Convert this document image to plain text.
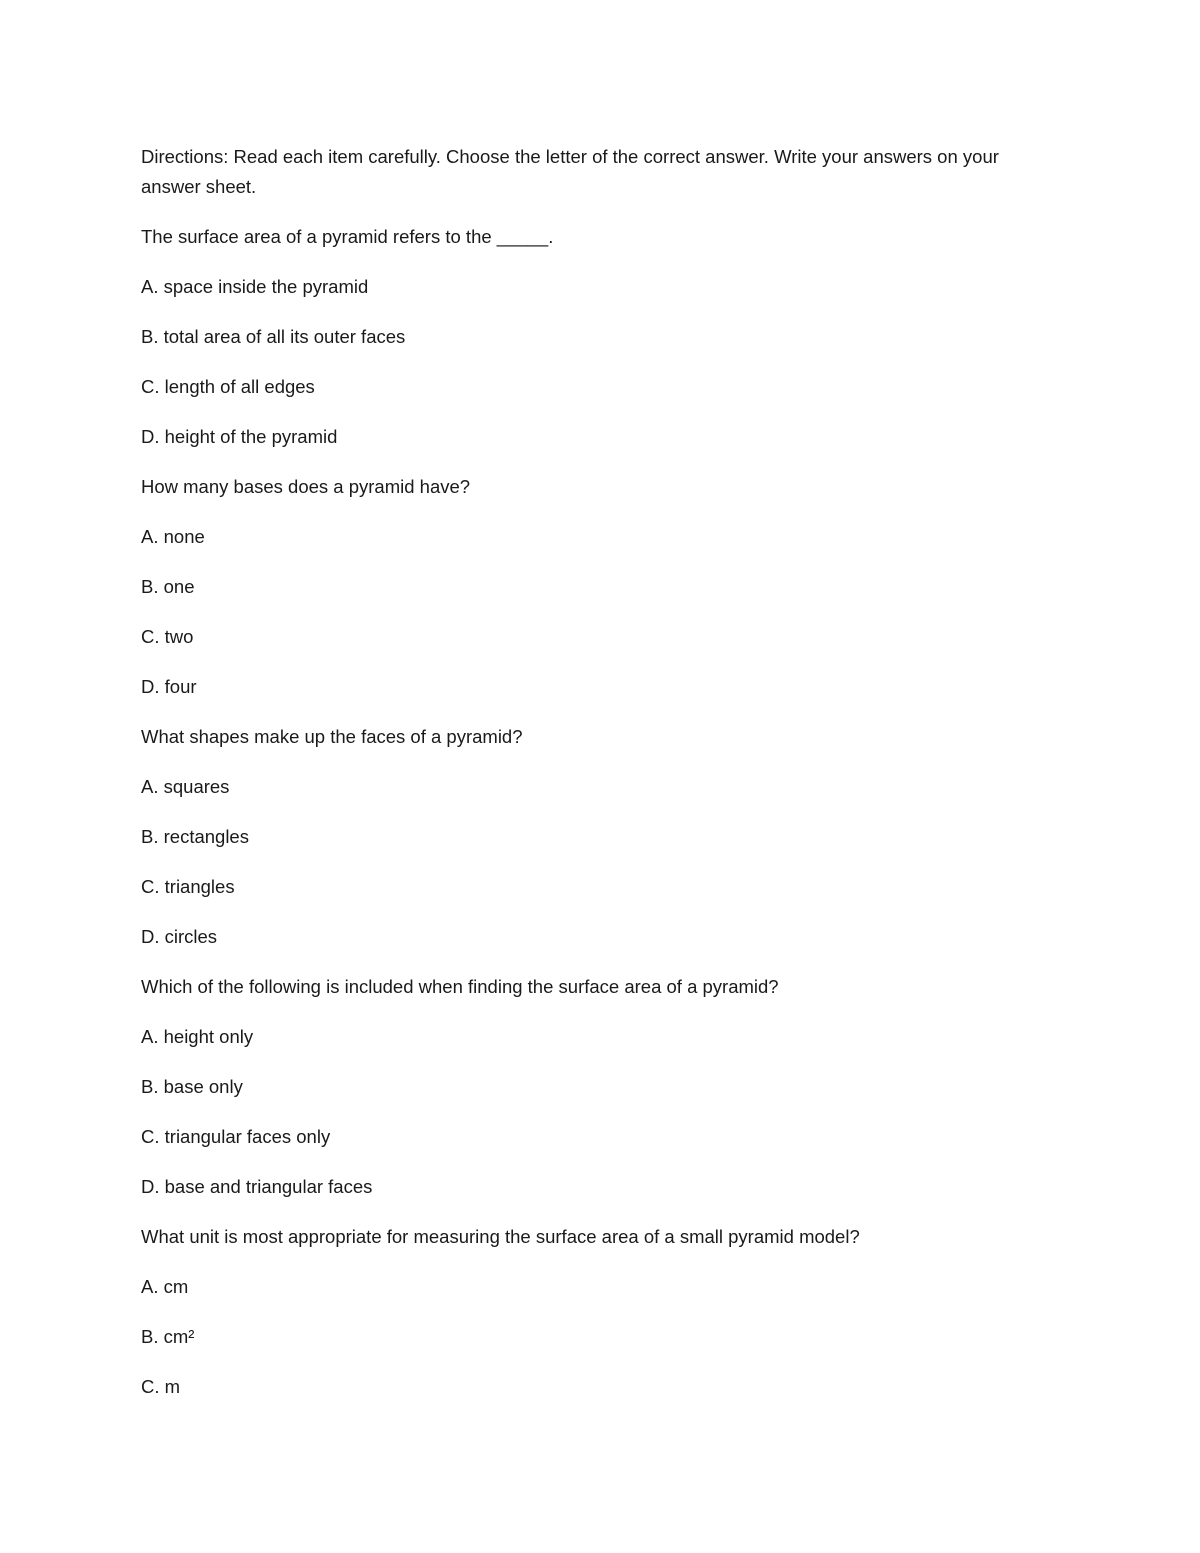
Directions: Read each item carefully. Choose the letter of the correct answer. Write your answers on your answer sheet.
The surface area of a pyramid refers to the _____.
A. space inside the pyramid
B. total area of all its outer faces
C. length of all edges
D. height of the pyramid
How many bases does a pyramid have?
A. none
B. one
C. two
D. four
What shapes make up the faces of a pyramid?
A. squares
B. rectangles
C. triangles
D. circles
Which of the following is included when finding the surface area of a pyramid?
A. height only
B. base only
C. triangular faces only
D. base and triangular faces
What unit is most appropriate for measuring the surface area of a small pyramid model?
A. cm
B. cm²
C. m
